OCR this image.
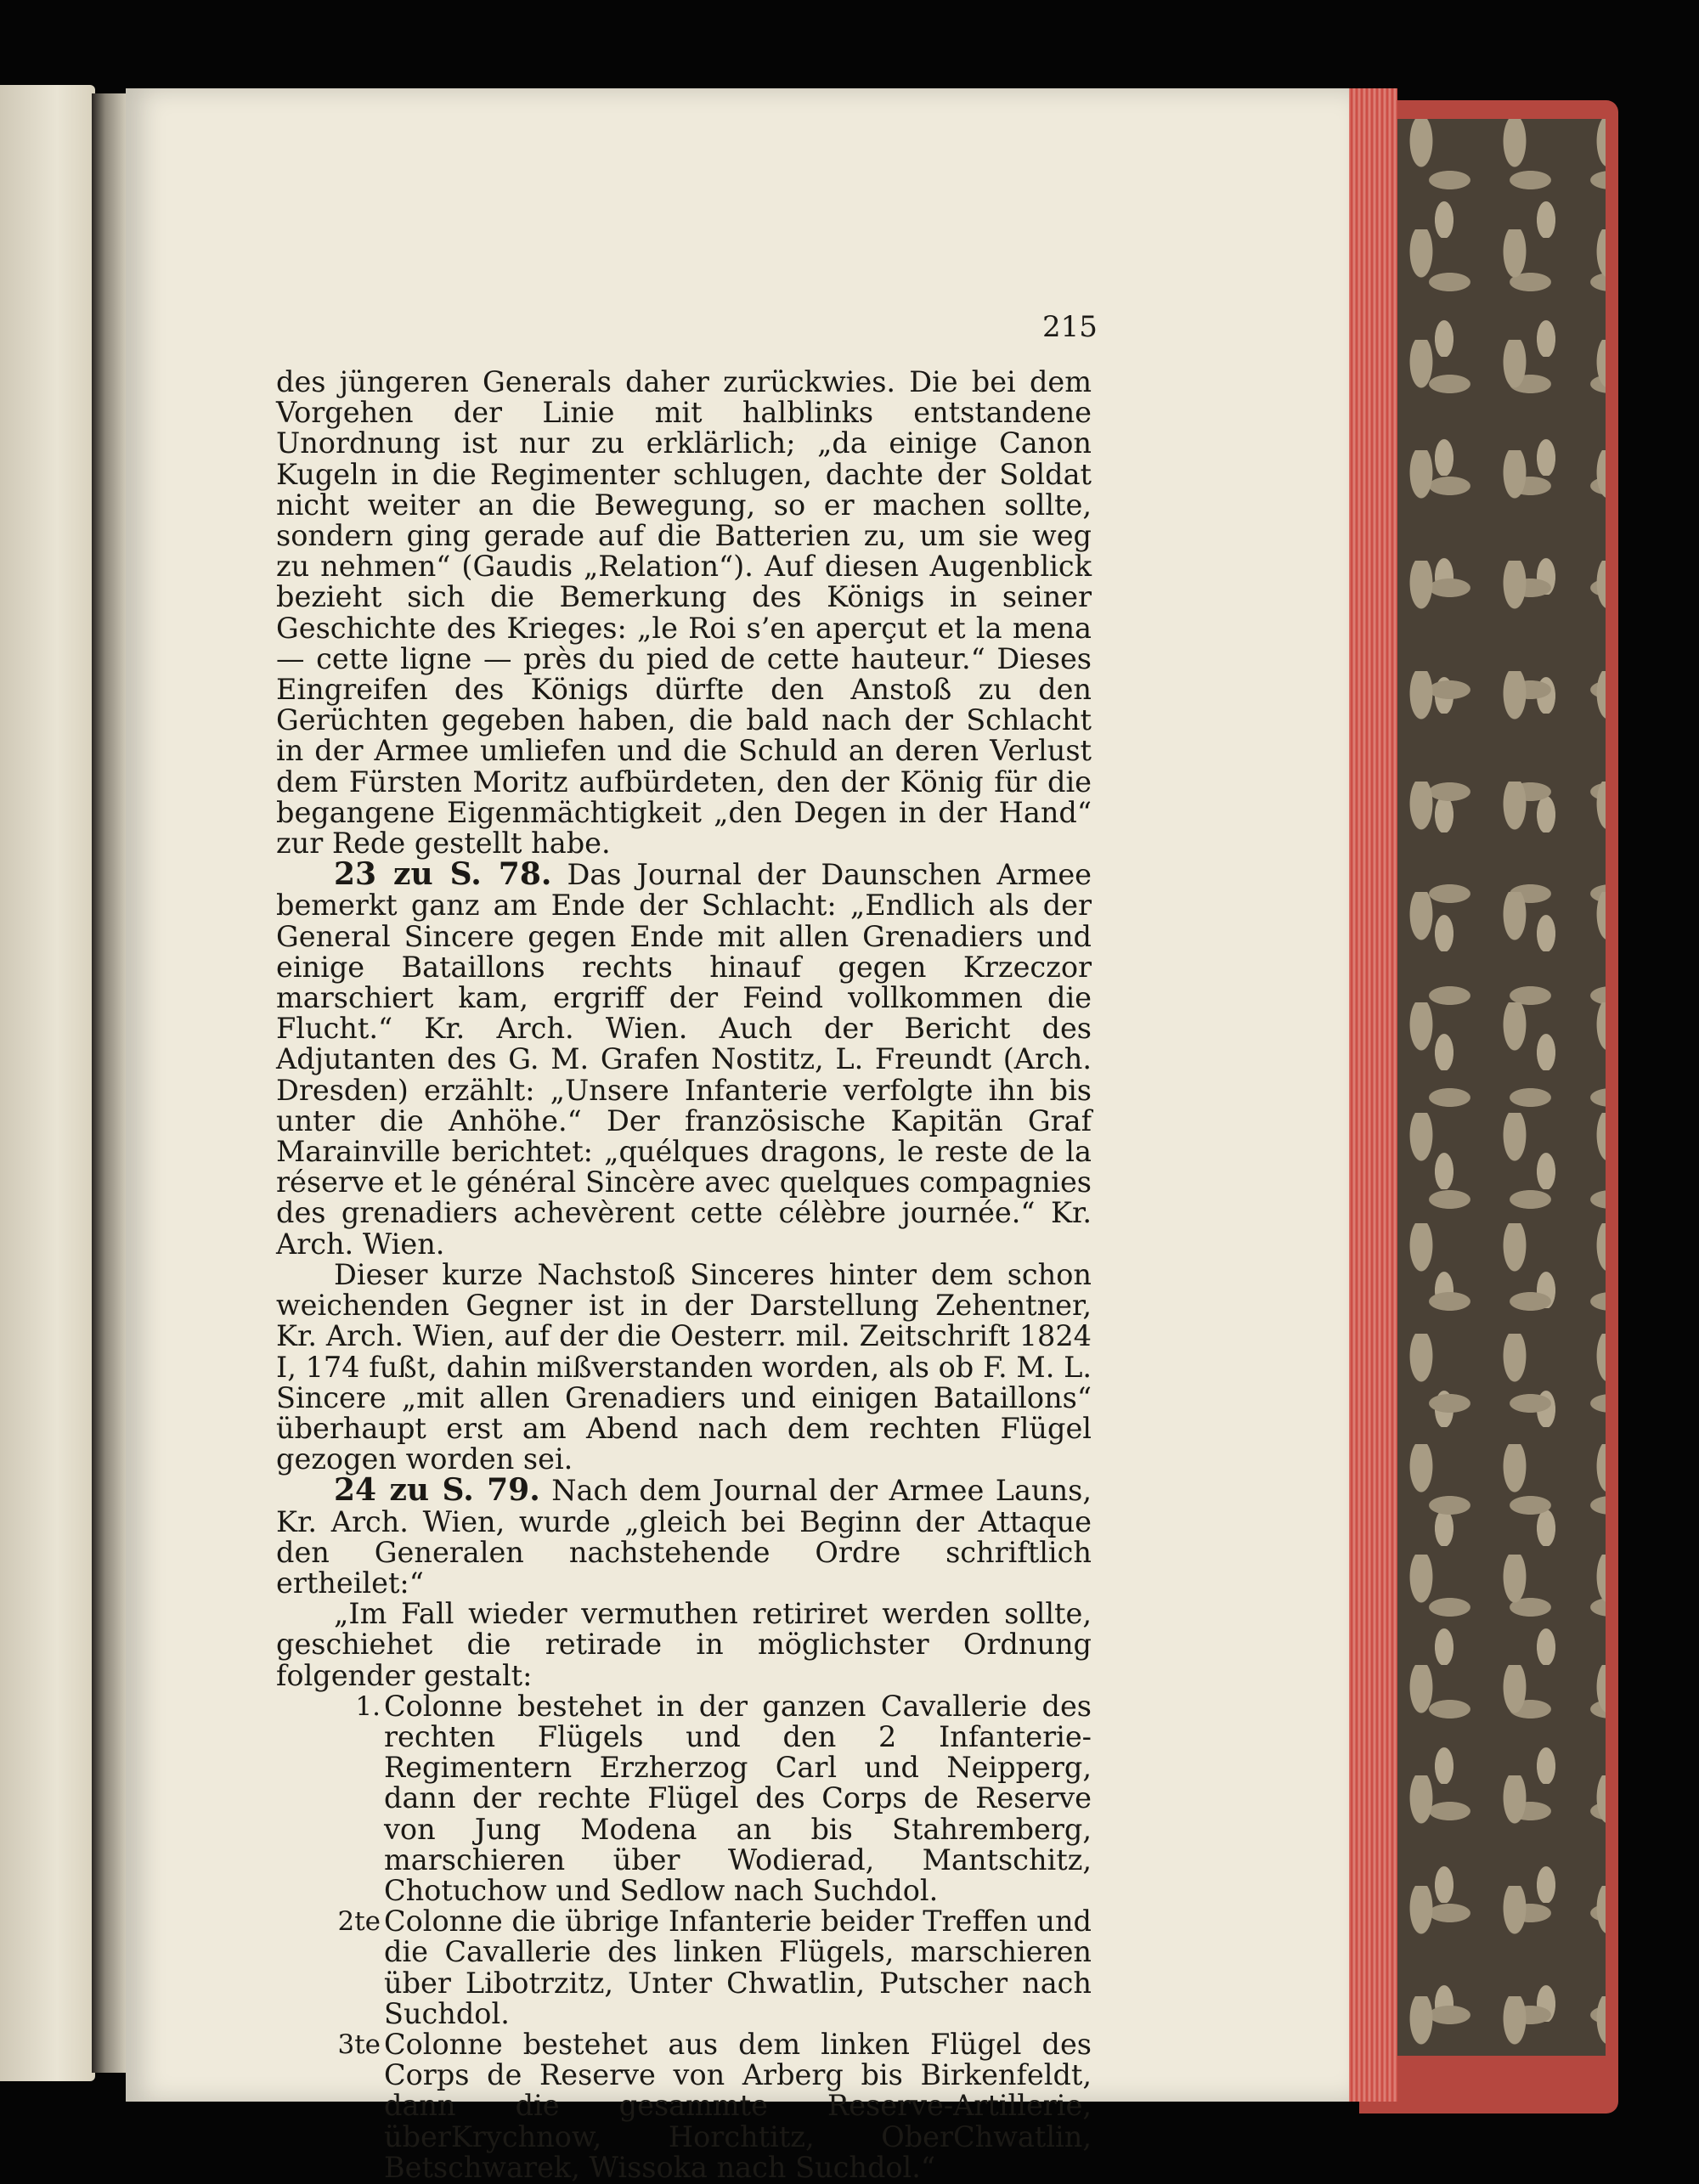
215

des jüngeren Generals daher zurückwies. Die bei dem Vorgehen der Linie mit halblinks entstandene Unordnung ist nur zu erklärlich; „da einige Canon Kugeln in die Regimenter schlugen, dachte der Soldat nicht weiter an die Bewegung, so er machen sollte, sondern ging gerade auf die Batterien zu, um sie weg zu nehmen“ (Gaudis „Relation“). Auf diesen Augenblick bezieht sich die Bemerkung des Königs in seiner Geschichte des Krieges: „le Roi s’en aperçut et la mena — cette ligne — près du pied de cette hauteur.“ Dieses Eingreifen des Königs dürfte den Anstoß zu den Gerüchten gegeben haben, die bald nach der Schlacht in der Armee umliefen und die Schuld an deren Verlust dem Fürsten Moritz aufbürdeten, den der König für die begangene Eigenmächtigkeit „den Degen in der Hand“ zur Rede gestellt habe.

23 zu S. 78. Das Journal der Daunschen Armee bemerkt ganz am Ende der Schlacht: „Endlich als der General Sincere gegen Ende mit allen Grenadiers und einige Bataillons rechts hinauf gegen Krzeczor marschiert kam, ergriff der Feind vollkommen die Flucht.“ Kr. Arch. Wien. Auch der Bericht des Adjutanten des G. M. Grafen Nostitz, L. Freundt (Arch. Dresden) erzählt: „Unsere Infanterie verfolgte ihn bis unter die Anhöhe.“ Der französische Kapitän Graf Marainville berichtet: „quélques dragons, le reste de la réserve et le général Sincère avec quelques compagnies des grenadiers achevèrent cette célèbre journée.“ Kr. Arch. Wien.

Dieser kurze Nachstoß Sinceres hinter dem schon weichenden Gegner ist in der Darstellung Zehentner, Kr. Arch. Wien, auf der die Oesterr. mil. Zeitschrift 1824 I, 174 fußt, dahin mißverstanden worden, als ob F. M. L. Sincere „mit allen Grenadiers und einigen Bataillons“ überhaupt erst am Abend nach dem rechten Flügel gezogen worden sei.

24 zu S. 79. Nach dem Journal der Armee Launs, Kr. Arch. Wien, wurde „gleich bei Beginn der Attaque den Generalen nachstehende Ordre schriftlich ertheilet:“

„Im Fall wieder vermuthen retiriret werden sollte, geschiehet die retirade in möglichster Ordnung folgender gestalt:

1. Colonne bestehet in der ganzen Cavallerie des rechten Flügels und den 2 Infanterie-Regimentern Erzherzog Carl und Neipperg, dann der rechte Flügel des Corps de Reserve von Jung Modena an bis Stahremberg, marschieren über Wodierad, Mantschitz, Chotuchow und Sedlow nach Suchdol.
2te Colonne die übrige Infanterie beider Treffen und die Cavallerie des linken Flügels, marschieren über Libotrzitz, Unter Chwatlin, Putscher nach Suchdol.
3te Colonne bestehet aus dem linken Flügel des Corps de Reserve von Arberg bis Birkenfeldt, dann die gesammte Reserve-Artillerie, überKrychnow, Horchtitz, OberChwatlin, Betschwarek, Wissoka nach Suchdol.“
